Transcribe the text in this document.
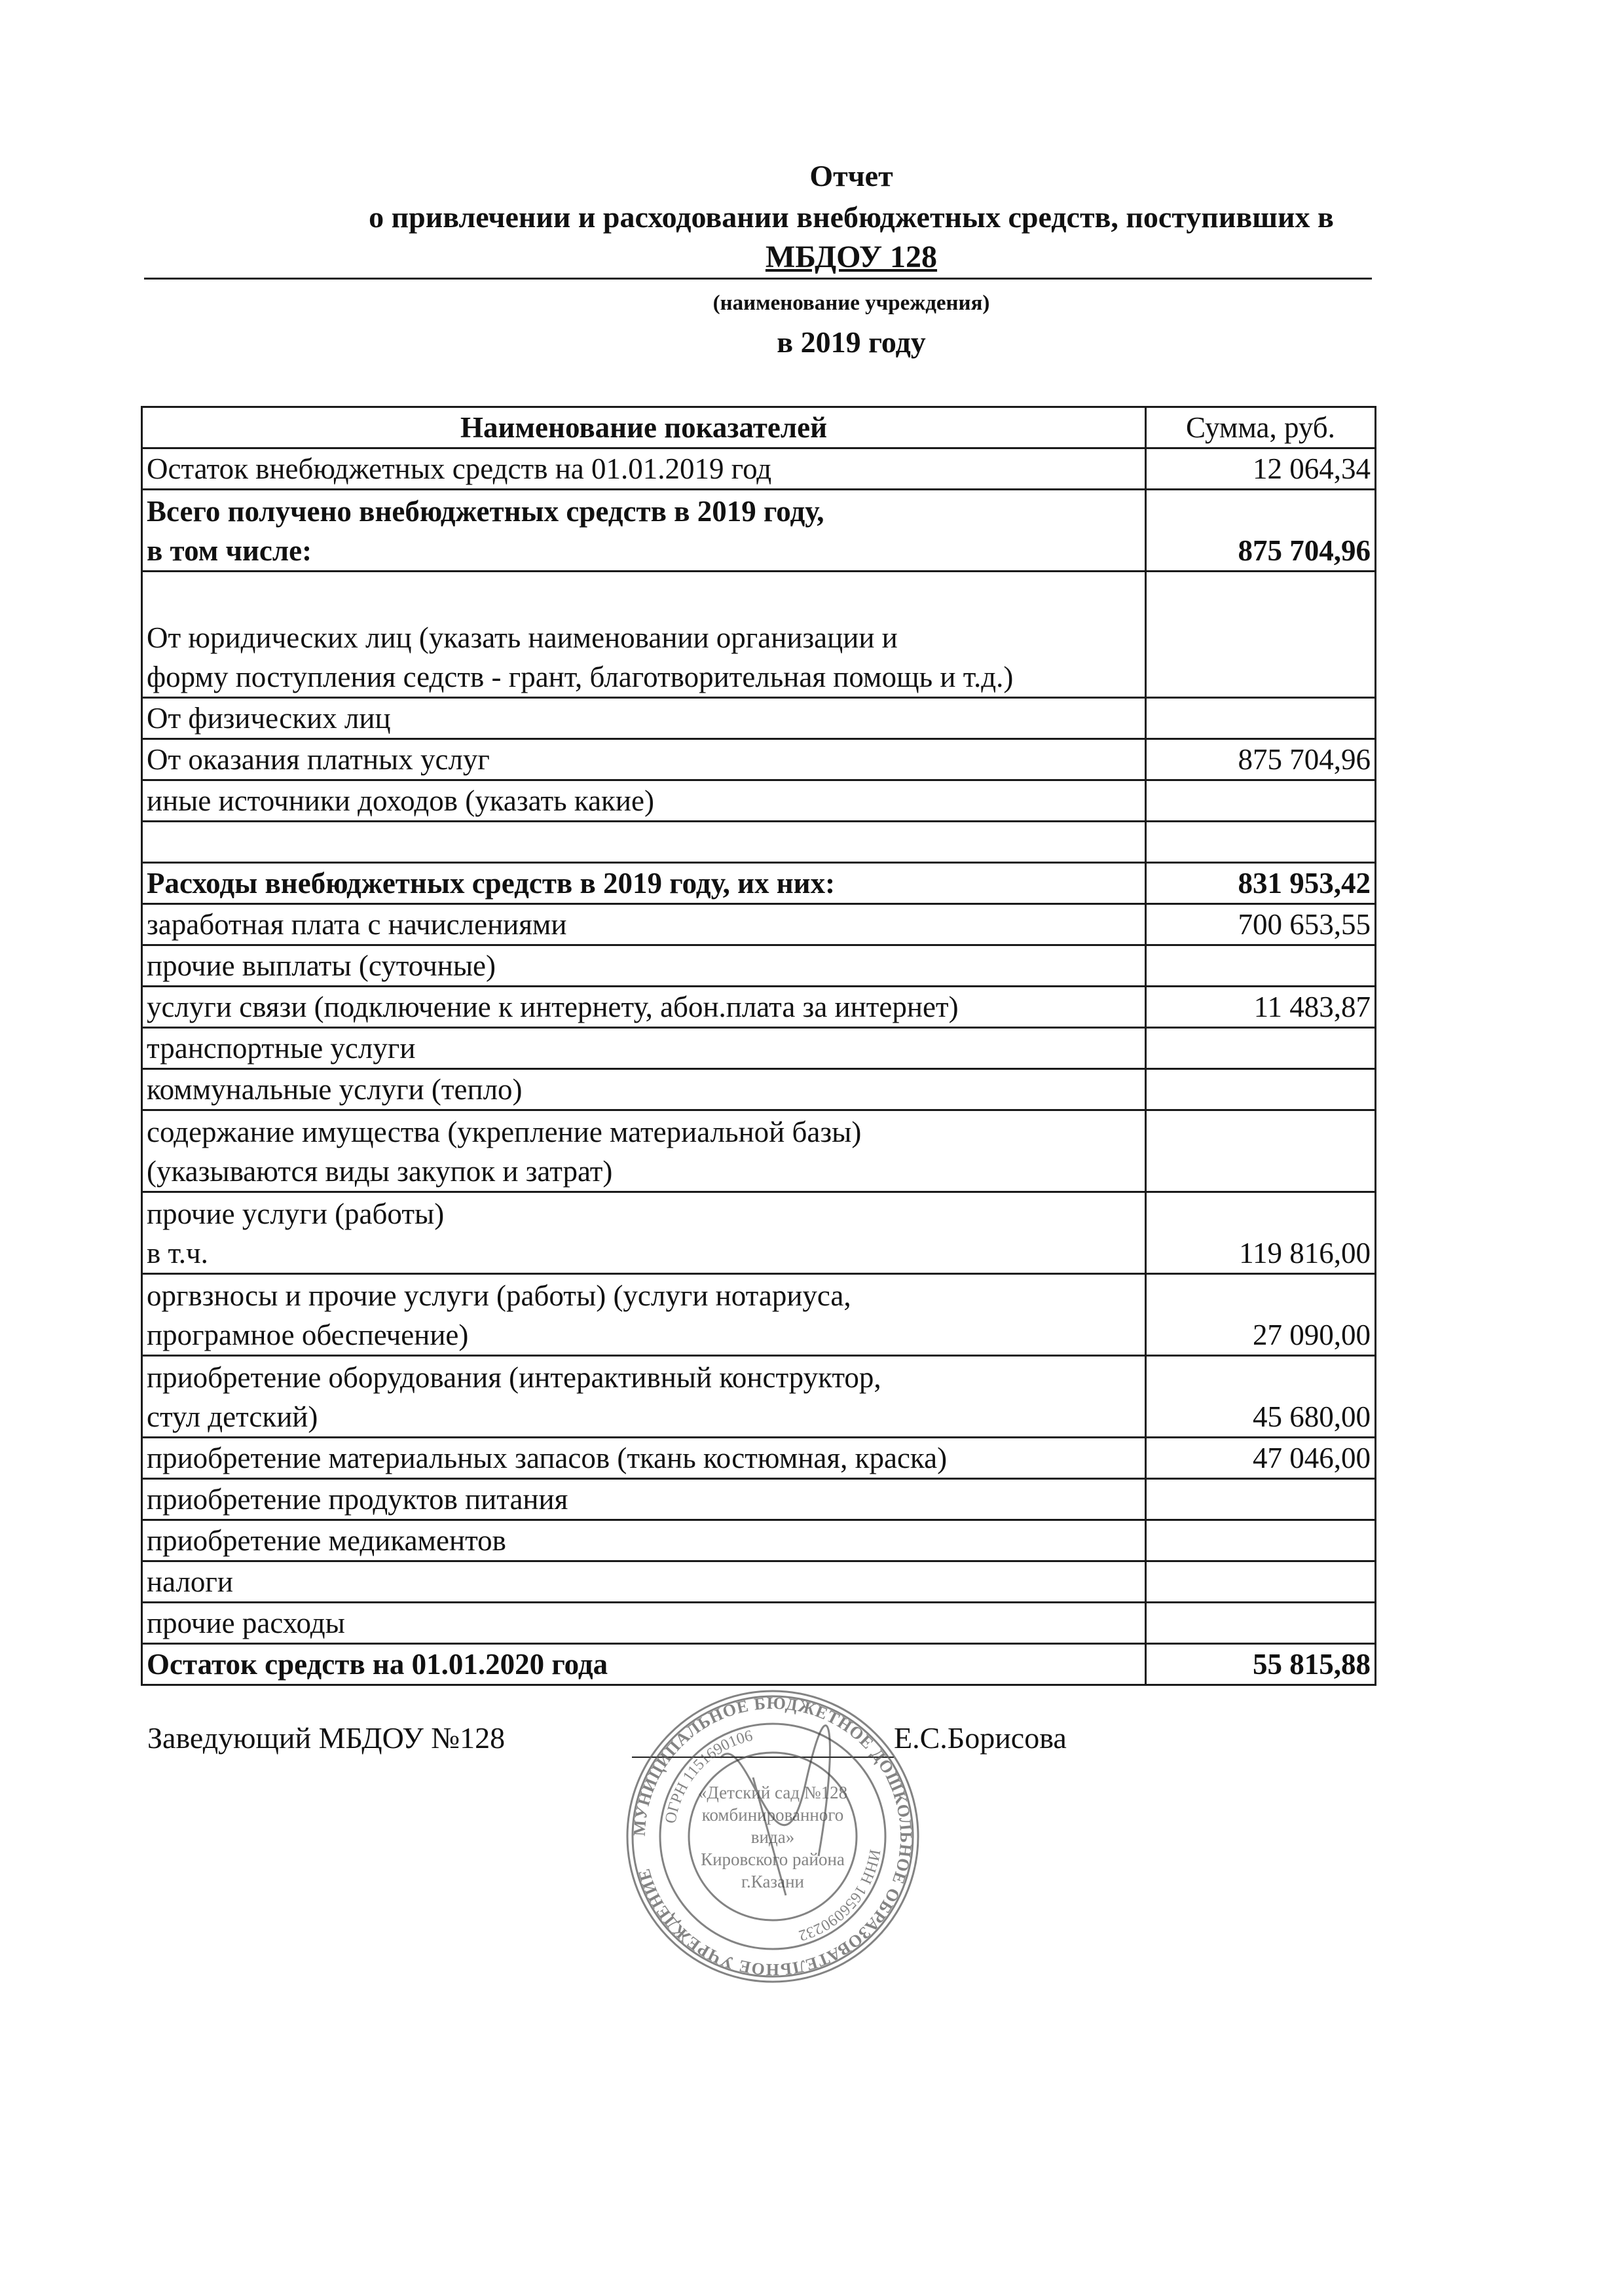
Отчет
о привлечении и расходовании внебюджетных средств, поступивших в
МБДОУ 128
(наименование учреждения)
в 2019 году
Наименование показателей	Сумма, руб.
Остаток внебюджетных средств на 01.01.2019 год	12 064,34

Всего получено внебюджетных средств в 2019 году,
в том числе:	875 704,96

От юридических лиц (указать наименовании организации и
форму поступления седств - грант, благотворительная помощь и т.д.)	

От физических лиц	
От оказания платных услуг	875 704,96
иные источники доходов (указать какие)	

Расходы внебюджетных средств в 2019 году, их них:	831 953,42
заработная плата с начислениями	700 653,55
прочие выплаты (суточные)	
услуги связи (подключение к интернету, абон.плата за интернет)	11 483,87
транспортные услуги	
коммунальные услуги (тепло)	

содержание имущества (укрепление материальной базы)
(указываются виды закупок и затрат)	

прочие услуги (работы)
в т.ч.	119 816,00

оргвзносы и прочие услуги (работы) (услуги нотариуса,
програмное обеспечение)	27 090,00

приобретение оборудования (интерактивный конструктор,
стул детский)	45 680,00
приобретение материальных запасов (ткань костюмная, краска)	47 046,00
приобретение продуктов питания	
приобретение медикаментов	
налоги	
прочие расходы	
Остаток средств на 01.01.2020 года	55 815,88
Заведующий МБДОУ №128	Е.С.Борисова
МУНИЦИПАЛЬНОЕ БЮДЖЕТНОЕ ДОШКОЛЬНОЕ ОБРАЗОВАТЕЛЬНОЕ УЧРЕЖДЕНИЕ
ОГРН 1151690106
ИНН 1656090232
«Детский сад №128
комбинированного
вида»
Кировского района
г.Казани
